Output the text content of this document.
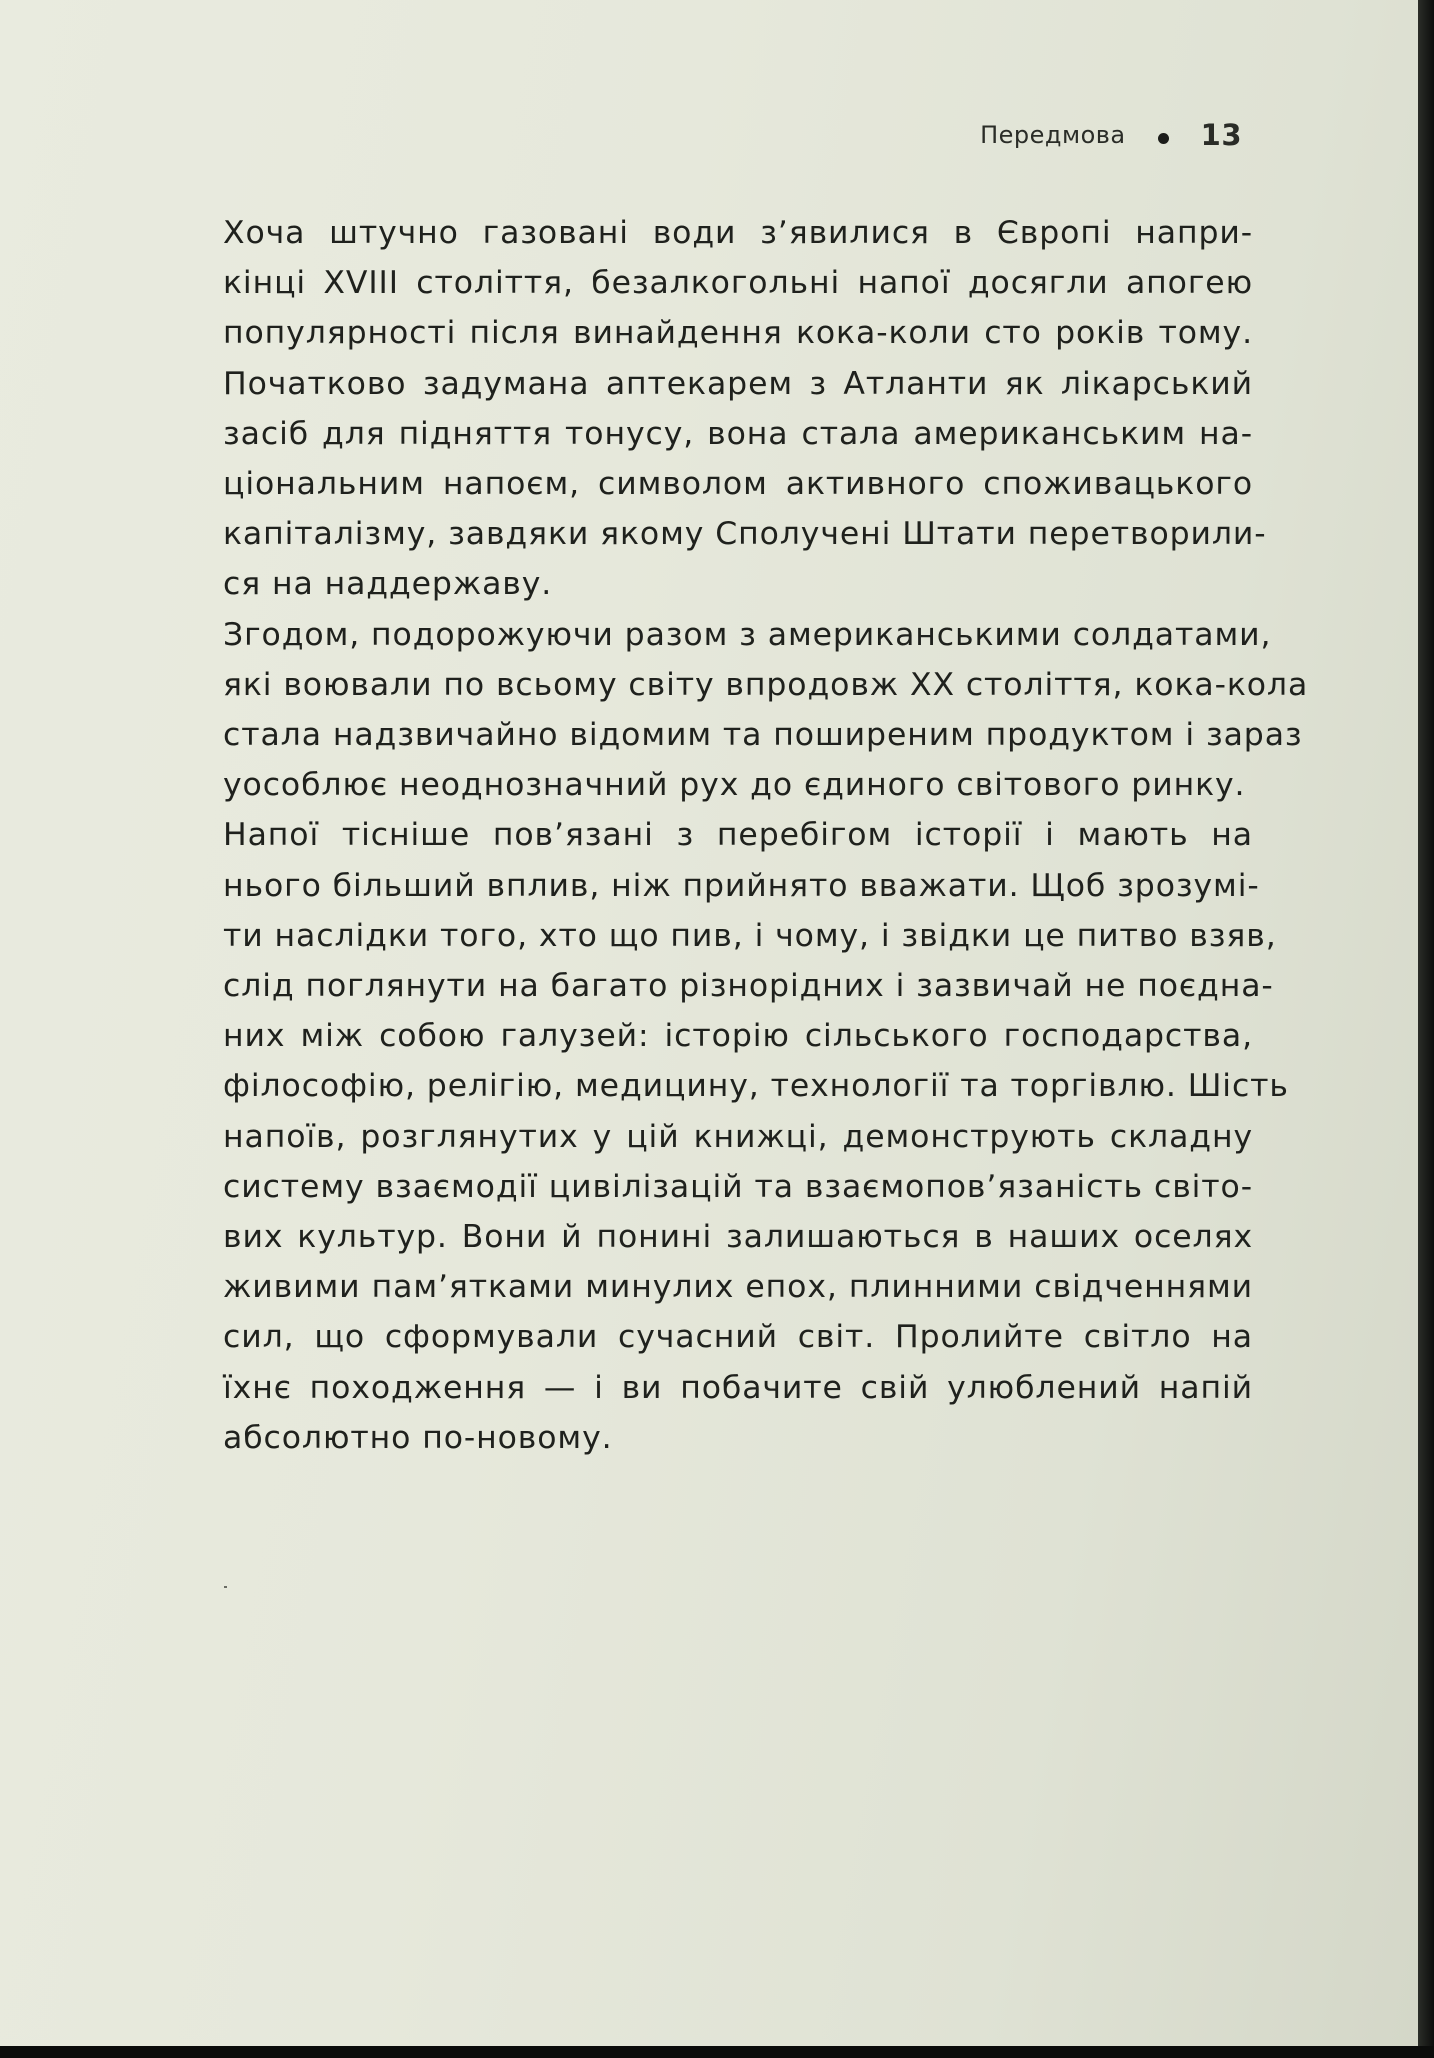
Передмова	13

Хоча штучно газовані води з’явилися в Європі напри-
кінці XVIII століття, безалкогольні напої досягли апогею
популярності після винайдення кока-коли сто років тому.
Початково задумана аптекарем з Атланти як лікарський
засіб для підняття тонусу, вона стала американським на-
ціональним напоєм, символом активного споживацького
капіталізму, завдяки якому Сполучені Штати перетворили-
ся на наддержаву.

Згодом, подорожуючи разом з американськими солдатами,
які воювали по всьому світу впродовж XX століття, кока-кола
стала надзвичайно відомим та поширеним продуктом і зараз
уособлює неоднозначний рух до єдиного світового ринку.

Напої тісніше пов’язані з перебігом історії і мають на
нього більший вплив, ніж прийнято вважати. Щоб зрозумі-
ти наслідки того, хто що пив, і чому, і звідки це питво взяв,
слід поглянути на багато різнорідних і зазвичай не поєдна-
них між собою галузей: історію сільського господарства,
філософію, релігію, медицину, технології та торгівлю. Шість
напоїв, розглянутих у цій книжці, демонструють складну
систему взаємодії цивілізацій та взаємопов’язаність світо-
вих культур. Вони й понині залишаються в наших оселях
живими пам’ятками минулих епох, плинними свідченнями
сил, що сформували сучасний світ. Пролийте світло на
їхнє походження — і ви побачите свій улюблений напій
абсолютно по-новому.
